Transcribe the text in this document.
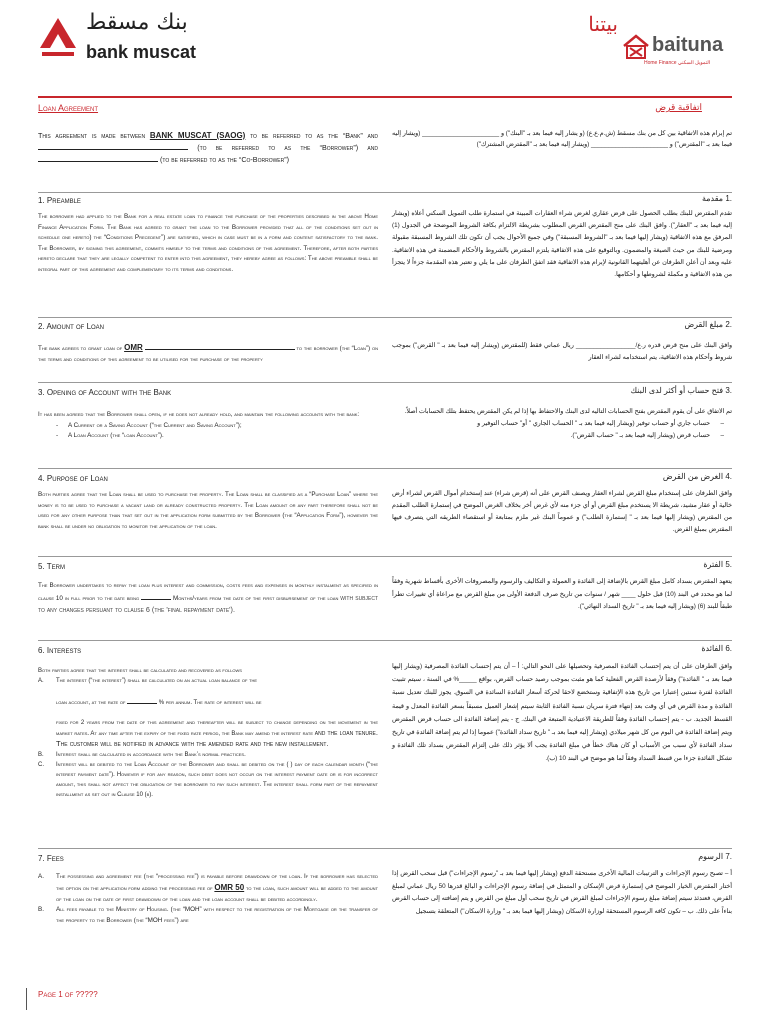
بنك مسقط
bank muscat
بيتنا
baituna
Home Finance التمويل السكني
Loan Agreement	اتفاقية قرض
This agreement is made between BANK MUSCAT (SAOG) to be referred to as the “Bank” and  (to be referred to as the “Borrower”) and  (to be referred to as the “Co-Borrower”)
تم إبرام هذه الاتفاقية بين كل من بنك مسقط (ش.م.ع.ع) (و يشار إليه فيما بعد بـ "البنك") و ______________________ (ويشار إليه فيما بعد بـ "المقترض") و ______________________ (ويشار إليه فيما بعد بـ "المقترض المشترك")
1. Preamble	.1 مقدمة
The borrower had applied to the Bank for a real estate loan to finance the purchase of the properties described in the above Home Finance Application Form. The Bank has agreed to grant the loan to the Borrower provided that all of the conditions set out in schedule one hereto) the “Conditions Precedent”) are satisfied, which in case must be in a form and content satisfactory to the bank. The Borrower, by signing this agreement, commits himself to the terms and conditions of this agreement. Therefore, after both parties hereto declare that they are legally competent to enter into this agreement, they hereby agree as follows: The above preamble shall be integral part of this agreement and complementary to its terms and conditions.
تقدم المقترض للبنك بطلب الحصول على قرض عقاري لغرض شراء العقارات المبينة في استمارة طلب التمويل السكني أعلاه (ويشار إليه فيما بعد بـ "العقار"). وافق البنك على منح المقترض القرض المطلوب بشريطة الالتزام بكافة الشروط الموضحة في الجدول (1) المرفق مع هذه الاتفاقية (ويشار إليها فيما بعد بـ "الشروط المسبقة") وفي جميع الأحوال يجب أن تكون تلك الشروط المسبقة مقبولة ومرضية للبنك من حيث الصيغة والمضمون. وبالتوقيع على هذه الاتفاقية يلتزم المقترض بالشروط والأحكام المضمنة في هذه الاتفاقية. عليه وبعد أن أعلن الطرفان عن أهليتهما القانونية لإبرام هذه الاتفاقية فقد اتفق الطرفان على ما يلي و تعتبر هذه المقدمة جزءاً لا يتجزأ من هذه الاتفاقية و مكملة لشروطها و أحكامها.
2. Amount of Loan	.2 مبلغ القرض
The bank agrees to grant loan of OMR	to the borrower (the “Loan”) on the terms and conditions of this agreement to be utilised for the purchase of the property
وافق البنك على منح قرض قدره ر.ع/_________________ ريال عماني فقط (للمقترض (ويشار إليه فيما بعد بـ " القرض") بموجب شروط وأحكام هذه الاتفاقية، يتم استخدامه لشراء العقار
3. Opening of Account with the Bank	.3 فتح حساب أو أكثر لدى البنك
It has been agreed that the Borrower shall open, if he does not already hold, and maintain the following accounts with the bank:
- A Current or a Saving Account (“the Current and Saving Account”);
- A Loan Account (the “loan Account”).
تم الاتفاق على أن يقوم المقترض بفتح الحسابات التاليه لدى البنك والاحتفاظ بها إذا لم يكن المقترض يحتفظ بتلك الحسابات أصلاً.
– حساب جاري أو حساب توفير (ويشار إليه فيما بعد بـ " الحساب الجاري " أو" حساب التوفير و
– حساب قرض (ويشار إليه فيما بعد بـ " حساب القرض").
4. Purpose of Loan	.4 الغرض من القرض
Both parties agree that the Loan shall be used to purchase the property. The Loan shall be classified as a “Purchase Loan” where the money is to be used to purchase a vacant land or already constructed property. The Loan amount or any part therefore shall not be used for any other purpose than that set out in the application form submitted by the Borrower (the “Application Form”), however the bank shall be under no obligation to monitor the application of the loan.
وافق الطرفان على إستخدام مبلغ القرض لشراء العقار ويصنف القرض على أنه (قرض شراء) عند إستخدام أموال القرض لشراء أرض خالية أو عقار مشيد، شريطة الا يستخدم مبلغ القرض أو أي جزء منه لأي غرض أخر بخلاف الغرض الموضح في إستمارة الطلب المقدم من المقترض (ويشار إليها فيما بعد بـ " إستمارة الطلب") و عموماً البنك غير ملزم بمتابعة أو استقصاء الطريقه التي يتصرف فيها المقترض بمبلغ القرض.
5. Term	.5 الفترة
The Borrower undertakes to repay the loan plus interest and commission, costs fees and expenses in monthly instalment as specified in clause 10 in full prior to the date being	Months/years from the date of the first disbursement of the loan with subject to any changes persuant to clause 6 (the 'final repayment date').
يتعهد المقترض بسداد كامل مبلغ القرض بالإضافة إلى الفائدة و العمولة و التكاليف والرسوم والمصروفات الأخرى بأقساط شهرية وفقاً لما هو محدد في البند (10) قبل حلول ____ شهر / سنوات من تاريخ صرف الدفعة الأولى من مبلغ القرض مع مراعاة أي تغييرات تطرأ طبقاً للبند (6) (ويشار إليه فيما بعد بـ " تاريخ السداد النهائي").
6. Interests	.6 الفائدة
Both parties agree that the interest shall be calculated and recovered as follows

A. The interest (“the interest”) shall be calculated on an actual loan balance of the

loan account, at the rate of	% per annum. The rate of interest will be

fixed for 2 years from the date of this agreement and thereafter will be subject to change depending on the movement in the market rates. At any time after the expiry of the fixed rate period, the Bank may amend the interest rate and the loan tenure. The customer will be notified in advance with the amended rate and the new installement.
B. Interest shall be calculated in accordance with the Bank’s normal practices.
C. Interest will be debited to the Loan Account of the Borrower and shall be debited on the ( ) day of each calendar month (“the interest payment date”). However if for any reason, such debit does not occur on the interest payment date or is for incorrect amount, this shall not affect the obligation of the borrower to pay such interest. The interest shall form part of the repayment installment as set out in Clause 10 (b).
وافق الطرفان على أن يتم إحتساب الفائدة المصرفية وتحصيلها على النحو التالي: أ – أن يتم إحتساب الفائدة المصرفية (ويشار إليها فيما بعد بـ " الفائدة") وفقاً لأرصدة القرض الفعلية كما هو مثبت بموجب رصيد حساب القرض، بواقع _____% في السنة ، سيتم تثبيت الفائدة لفترة سنتين إعتبارا من تاريخ هذه الإتفاقية وستخضع لاحقا لحركة أسعار الفائدة السائدة في السوق. يجوز للبنك تعديل نسبة الفائدة و مدة القرض في أي وقت بعد إنتهاء فترة سريان نسبة الفائدة الثابتة سيتم إشعار العميل مسبقاً بسعر الفائدة المعدل و قيمة القسط الجديد. ب - يتم إحتساب الفائدة وفقاً للطريقة الاعتيادية المتبعة في البنك. ج - يتم إضافة الفائدة الى حساب قرض المقترض ويتم إضافة الفائدة في اليوم من كل شهر ميلادي (ويشار إليه فيما بعد بـ " تاريخ سداد الفائدة") عموما إذا لم يتم إضافة الفائدة في تاريخ سداد الفائدة لأي سبب من الأسباب أو كان هناك خطأ في مبلغ الفائدة يجب ألا يؤثر ذلك على إلتزام المقترض بسداد تلك الفائدة و تشكل الفائدة جزءا من قسط السداد وفقاً لما هو موضح في البند 10 (ب).
7. Fees	.7 الرسوم
A. The possessing and agreement fee (the “processing fee”) is payable before drawdown of the loan. If the borrower has selected the option on the application form adding the processing fee of OMR 50 to the loan, such amount will be added to the amount of the loan on the date of first drawdown of the loan and the loan account shall be debited accordingly.
B. All fees payable to the Ministry of Housing. (the “MOH” with respect to the registration of the Mortgage or the transfer of the property to the Borrower (the “MOH fees”) are
أ – تصبح رسوم الإجراءات و الترتيبات المالية الأخرى مستحقة الدفع (ويشار إليها فيما بعد بـ "رسوم الإجراءات") قبل سحب القرض إذا أختار المقترض الخيار الموضح في إستمارة قرض الإسكان و المتمثل في إضافة رسوم الإجراءات و البالغ قدرها 50 ريال عماني لمبلغ القرض، فعندئذ سيتم إضافة مبلغ رسوم الإجراءات لمبلغ القرض في تاريخ سحب أول مبلغ من القرض و يتم إضافته إلى حساب القرض بناءاً على ذلك. ب – تكون كافه الرسوم المستحقة لوزارة الاسكان (ويشار إليها فيما بعد بـ " وزارة الاسكان") المتعلقة بتسجيل
Page 1 of ?????
